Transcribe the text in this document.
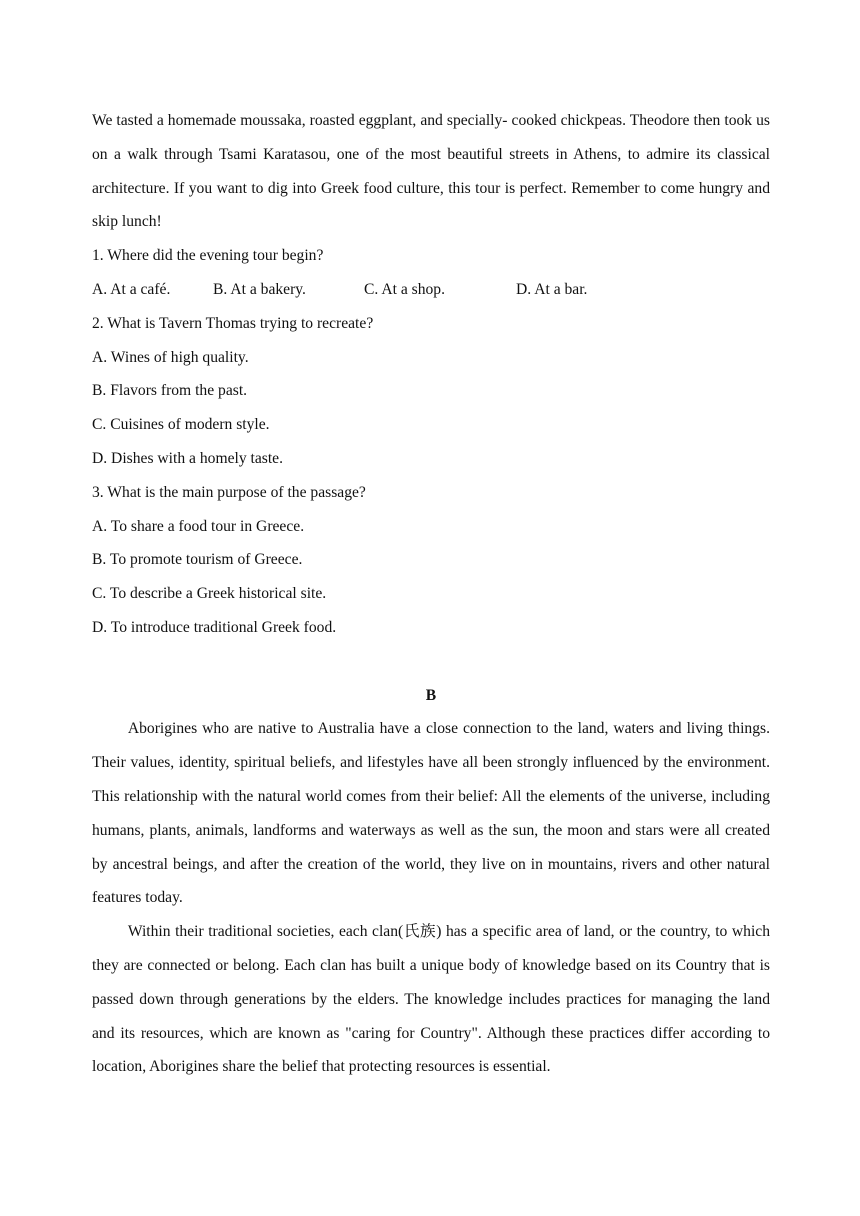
We tasted a homemade moussaka, roasted eggplant, and specially- cooked chickpeas. Theodore then took us on a walk through Tsami Karatasou, one of the most beautiful streets in Athens, to admire its classical architecture. If you want to dig into Greek food culture, this tour is perfect. Remember to come hungry and skip lunch!

1. Where did the evening tour begin?

A. At a café.	B. At a bakery.	C. At a shop.	D. At a bar.

2. What is Tavern Thomas trying to recreate?

A. Wines of high quality.

B. Flavors from the past.

C. Cuisines of modern style.

D. Dishes with a homely taste.

3. What is the main purpose of the passage?

A. To share a food tour in Greece.

B. To promote tourism of Greece.

C. To describe a Greek historical site.

D. To introduce traditional Greek food.

B

Aborigines who are native to Australia have a close connection to the land, waters and living things. Their values, identity, spiritual beliefs, and lifestyles have all been strongly influenced by the environment. This relationship with the natural world comes from their belief: All the elements of the universe, including humans, plants, animals, landforms and waterways as well as the sun, the moon and stars were all created by ancestral beings, and after the creation of the world, they live on in mountains, rivers and other natural features today.

Within their traditional societies, each clan(氏族) has a specific area of land, or the country, to which they are connected or belong. Each clan has built a unique body of knowledge based on its Country that is passed down through generations by the elders. The knowledge includes practices for managing the land and its resources, which are known as "caring for Country". Although these practices differ according to location, Aborigines share the belief that protecting resources is essential.
